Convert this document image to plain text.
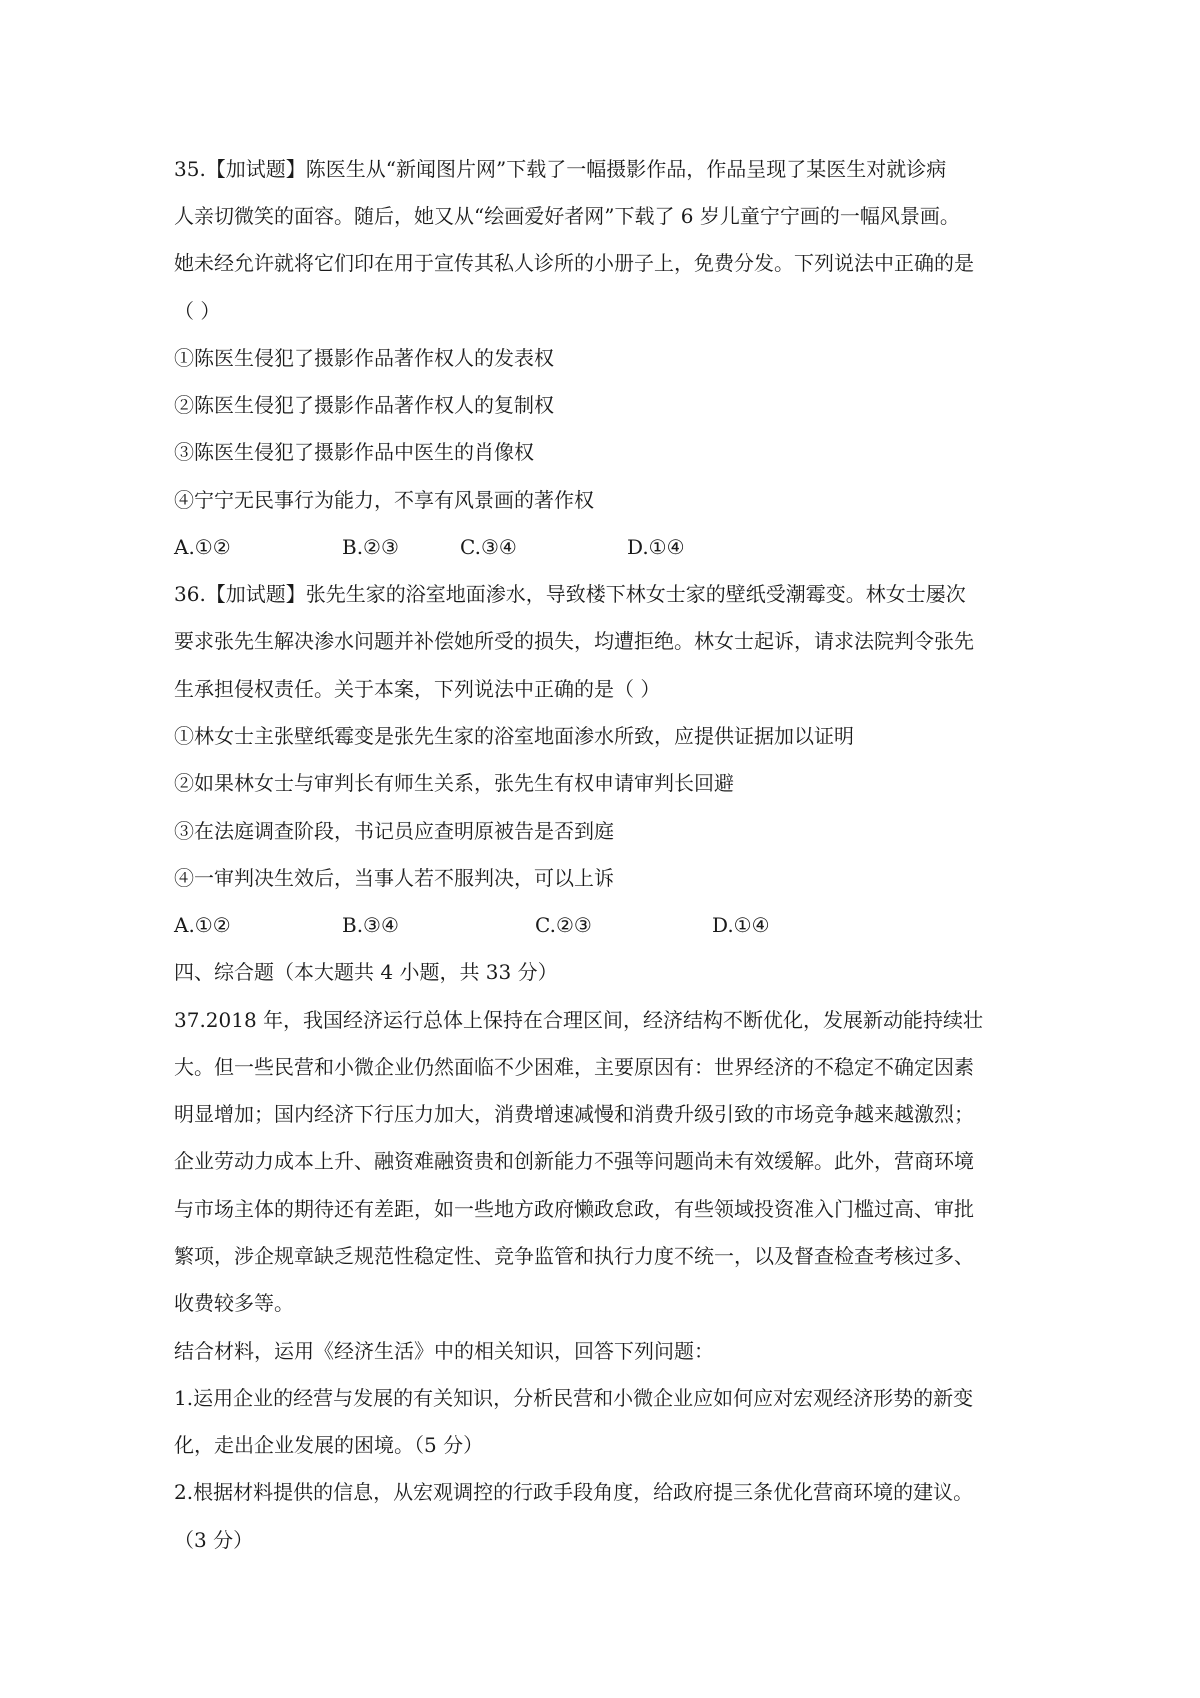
35.【加试题】陈医生从“新闻图片网”下载了一幅摄影作品，作品呈现了某医生对就诊病
人亲切微笑的面容。随后，她又从“绘画爱好者网”下载了 6 岁儿童宁宁画的一幅风景画。
她未经允许就将它们印在用于宣传其私人诊所的小册子上，免费分发。下列说法中正确的是
（ ）
①陈医生侵犯了摄影作品著作权人的发表权
②陈医生侵犯了摄影作品著作权人的复制权
③陈医生侵犯了摄影作品中医生的肖像权
④宁宁无民事行为能力，不享有风景画的著作权
A.①②	B.②③	C.③④	D.①④
36.【加试题】张先生家的浴室地面渗水，导致楼下林女士家的壁纸受潮霉变。林女士屡次
要求张先生解决渗水问题并补偿她所受的损失，均遭拒绝。林女士起诉，请求法院判令张先
生承担侵权责任。关于本案，下列说法中正确的是（ ）
①林女士主张壁纸霉变是张先生家的浴室地面渗水所致，应提供证据加以证明
②如果林女士与审判长有师生关系，张先生有权申请审判长回避
③在法庭调查阶段，书记员应查明原被告是否到庭
④一审判决生效后，当事人若不服判决，可以上诉
A.①②	B.③④	C.②③	D.①④
四、综合题（本大题共 4 小题，共 33 分）
37.2018 年，我国经济运行总体上保持在合理区间，经济结构不断优化，发展新动能持续壮
大。但一些民营和小微企业仍然面临不少困难，主要原因有：世界经济的不稳定不确定因素
明显增加；国内经济下行压力加大，消费增速减慢和消费升级引致的市场竞争越来越激烈；
企业劳动力成本上升、融资难融资贵和创新能力不强等问题尚未有效缓解。此外，营商环境
与市场主体的期待还有差距，如一些地方政府懒政怠政，有些领域投资准入门槛过高、审批
繁项，涉企规章缺乏规范性稳定性、竞争监管和执行力度不统一，以及督查检查考核过多、
收费较多等。
结合材料，运用《经济生活》中的相关知识，回答下列问题：
1.运用企业的经营与发展的有关知识，分析民营和小微企业应如何应对宏观经济形势的新变
化，走出企业发展的困境。（5 分）
2.根据材料提供的信息，从宏观调控的行政手段角度，给政府提三条优化营商环境的建议。
（3 分）
